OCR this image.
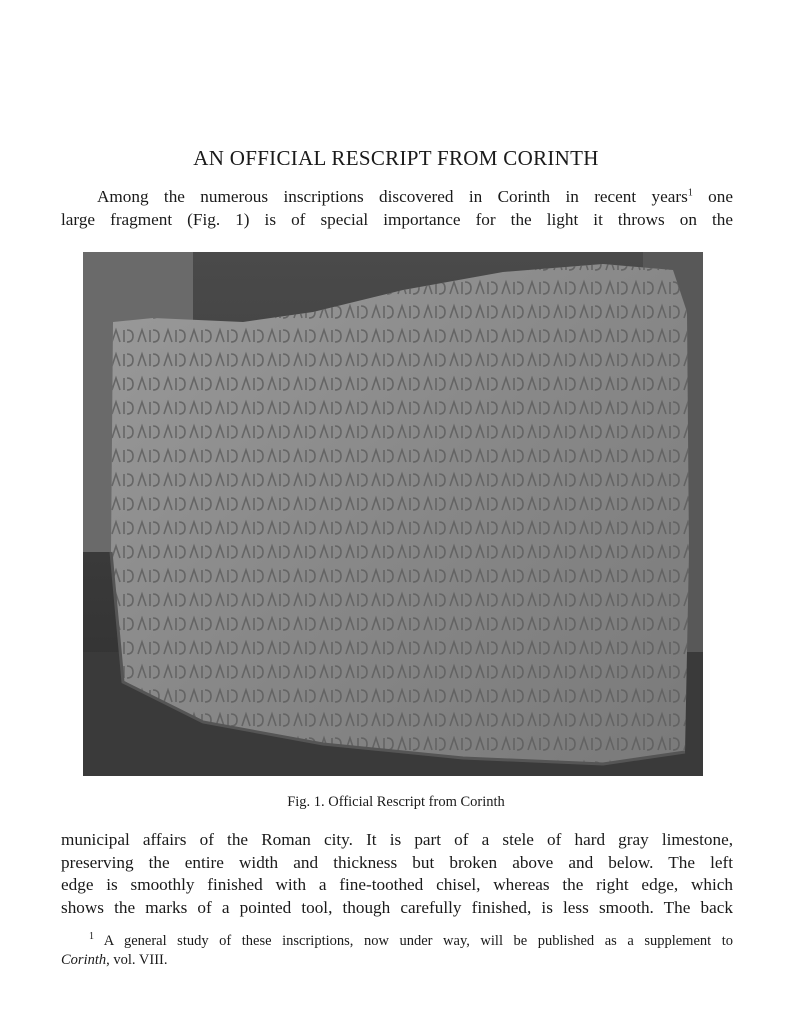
AN OFFICIAL RESCRIPT FROM CORINTH

Among the numerous inscriptions discovered in Corinth in recent years$^1$ one
large fragment (Fig. 1) is of special importance for the light it throws on the

Fig. 1. Official Rescript from Corinth

municipal affairs of the Roman city. It is part of a stele of hard gray limestone,
preserving the entire width and thickness but broken above and below. The left
edge is smoothly finished with a fine-toothed chisel, whereas the right edge, which
shows the marks of a pointed tool, though carefully finished, is less smooth. The back

$^1$ A general study of these inscriptions, now under way, will be published as a supplement to
Corinth, vol. VIII.
